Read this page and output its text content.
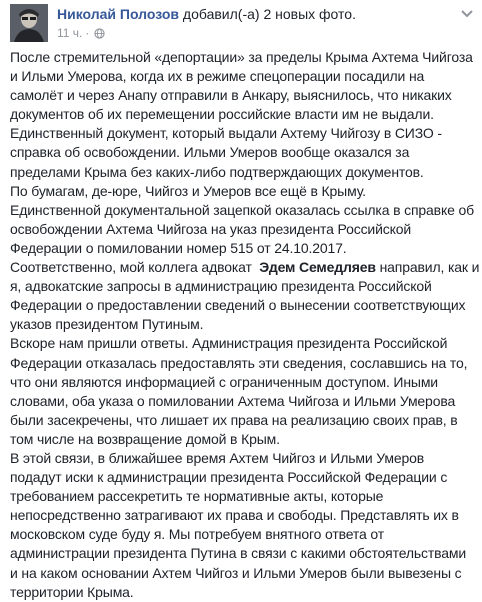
Николай Полозов добавил(-а) 2 новых фото.
11 ч. ·

После стремительной «депортации» за пределы Крыма Ахтема Чийгоза

и Ильми Умерова, когда их в режиме спецоперации посадили на

самолёт и через Анапу отправили в Анкару, выяснилось, что никаких

документов об их перемещении российские власти им не выдали.

Единственный документ, который выдали Ахтему Чийгозу в СИЗО -

справка об освобождении. Ильми Умеров вообще оказался за

пределами Крыма без каких-либо подтверждающих документов.

По бумагам, де-юре, Чийгоз и Умеров все ещё в Крыму.

Единственной документальной зацепкой оказалась ссылка в справке об

освобождении Ахтема Чийгоза на указ президента Российской

Федерации о помиловании номер 515 от 24.10.2017.

Соответственно, мой коллега адвокат Эдем Семедляев направил, как и

я, адвокатские запросы в администрацию президента Российской

Федерации о предоставлении сведений о вынесении соответствующих

указов президентом Путиным.

Вскоре нам пришли ответы. Администрация президента Российской

Федерации отказалась предоставлять эти сведения, сославшись на то,

что они являются информацией с ограниченным доступом. Иными

словами, оба указа о помиловании Ахтема Чийгоза и Ильми Умерова

были засекречены, что лишает их права на реализацию своих прав, в

том числе на возвращение домой в Крым.

В этой связи, в ближайшее время Ахтем Чийгоз и Ильми Умеров

подадут иски к администрации президента Российской Федерации с

требованием рассекретить те нормативные акты, которые

непосредственно затрагивают их права и свободы. Представлять их в

московском суде буду я. Мы потребуем внятного ответа от

администрации президента Путина в связи с какими обстоятельствами

и на каком основании Ахтем Чийгоз и Ильми Умеров были вывезены с

территории Крыма.
